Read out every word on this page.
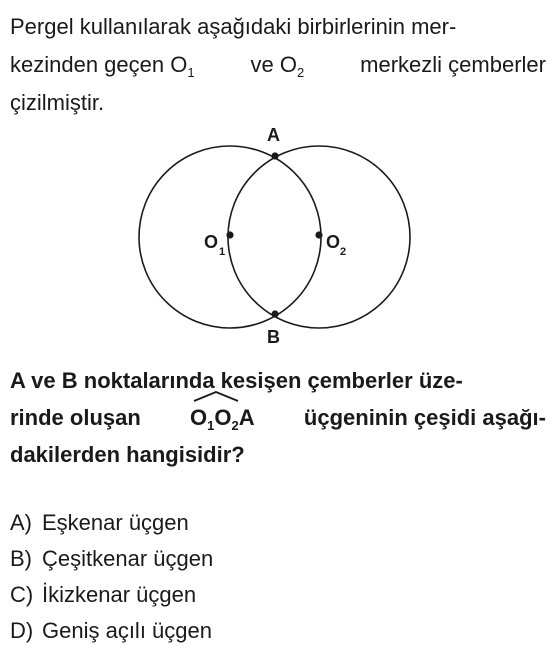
Pergel kullanılarak aşağıdaki birbirlerinin mer-
kezinden geçen $O_1$	ve $O_2$	merkezli çemberler
çizilmiştir.
A
B
O 1	O 2
A ve B noktalarında kesişen çemberler üze-
rinde oluşan $O_1O_2A$ üçgeninin çeşidi aşağı-
dakilerden hangisidir?
A) Eşkenar üçgen
B) Çeşitkenar üçgen
C) İkizkenar üçgen
D) Geniş açılı üçgen
